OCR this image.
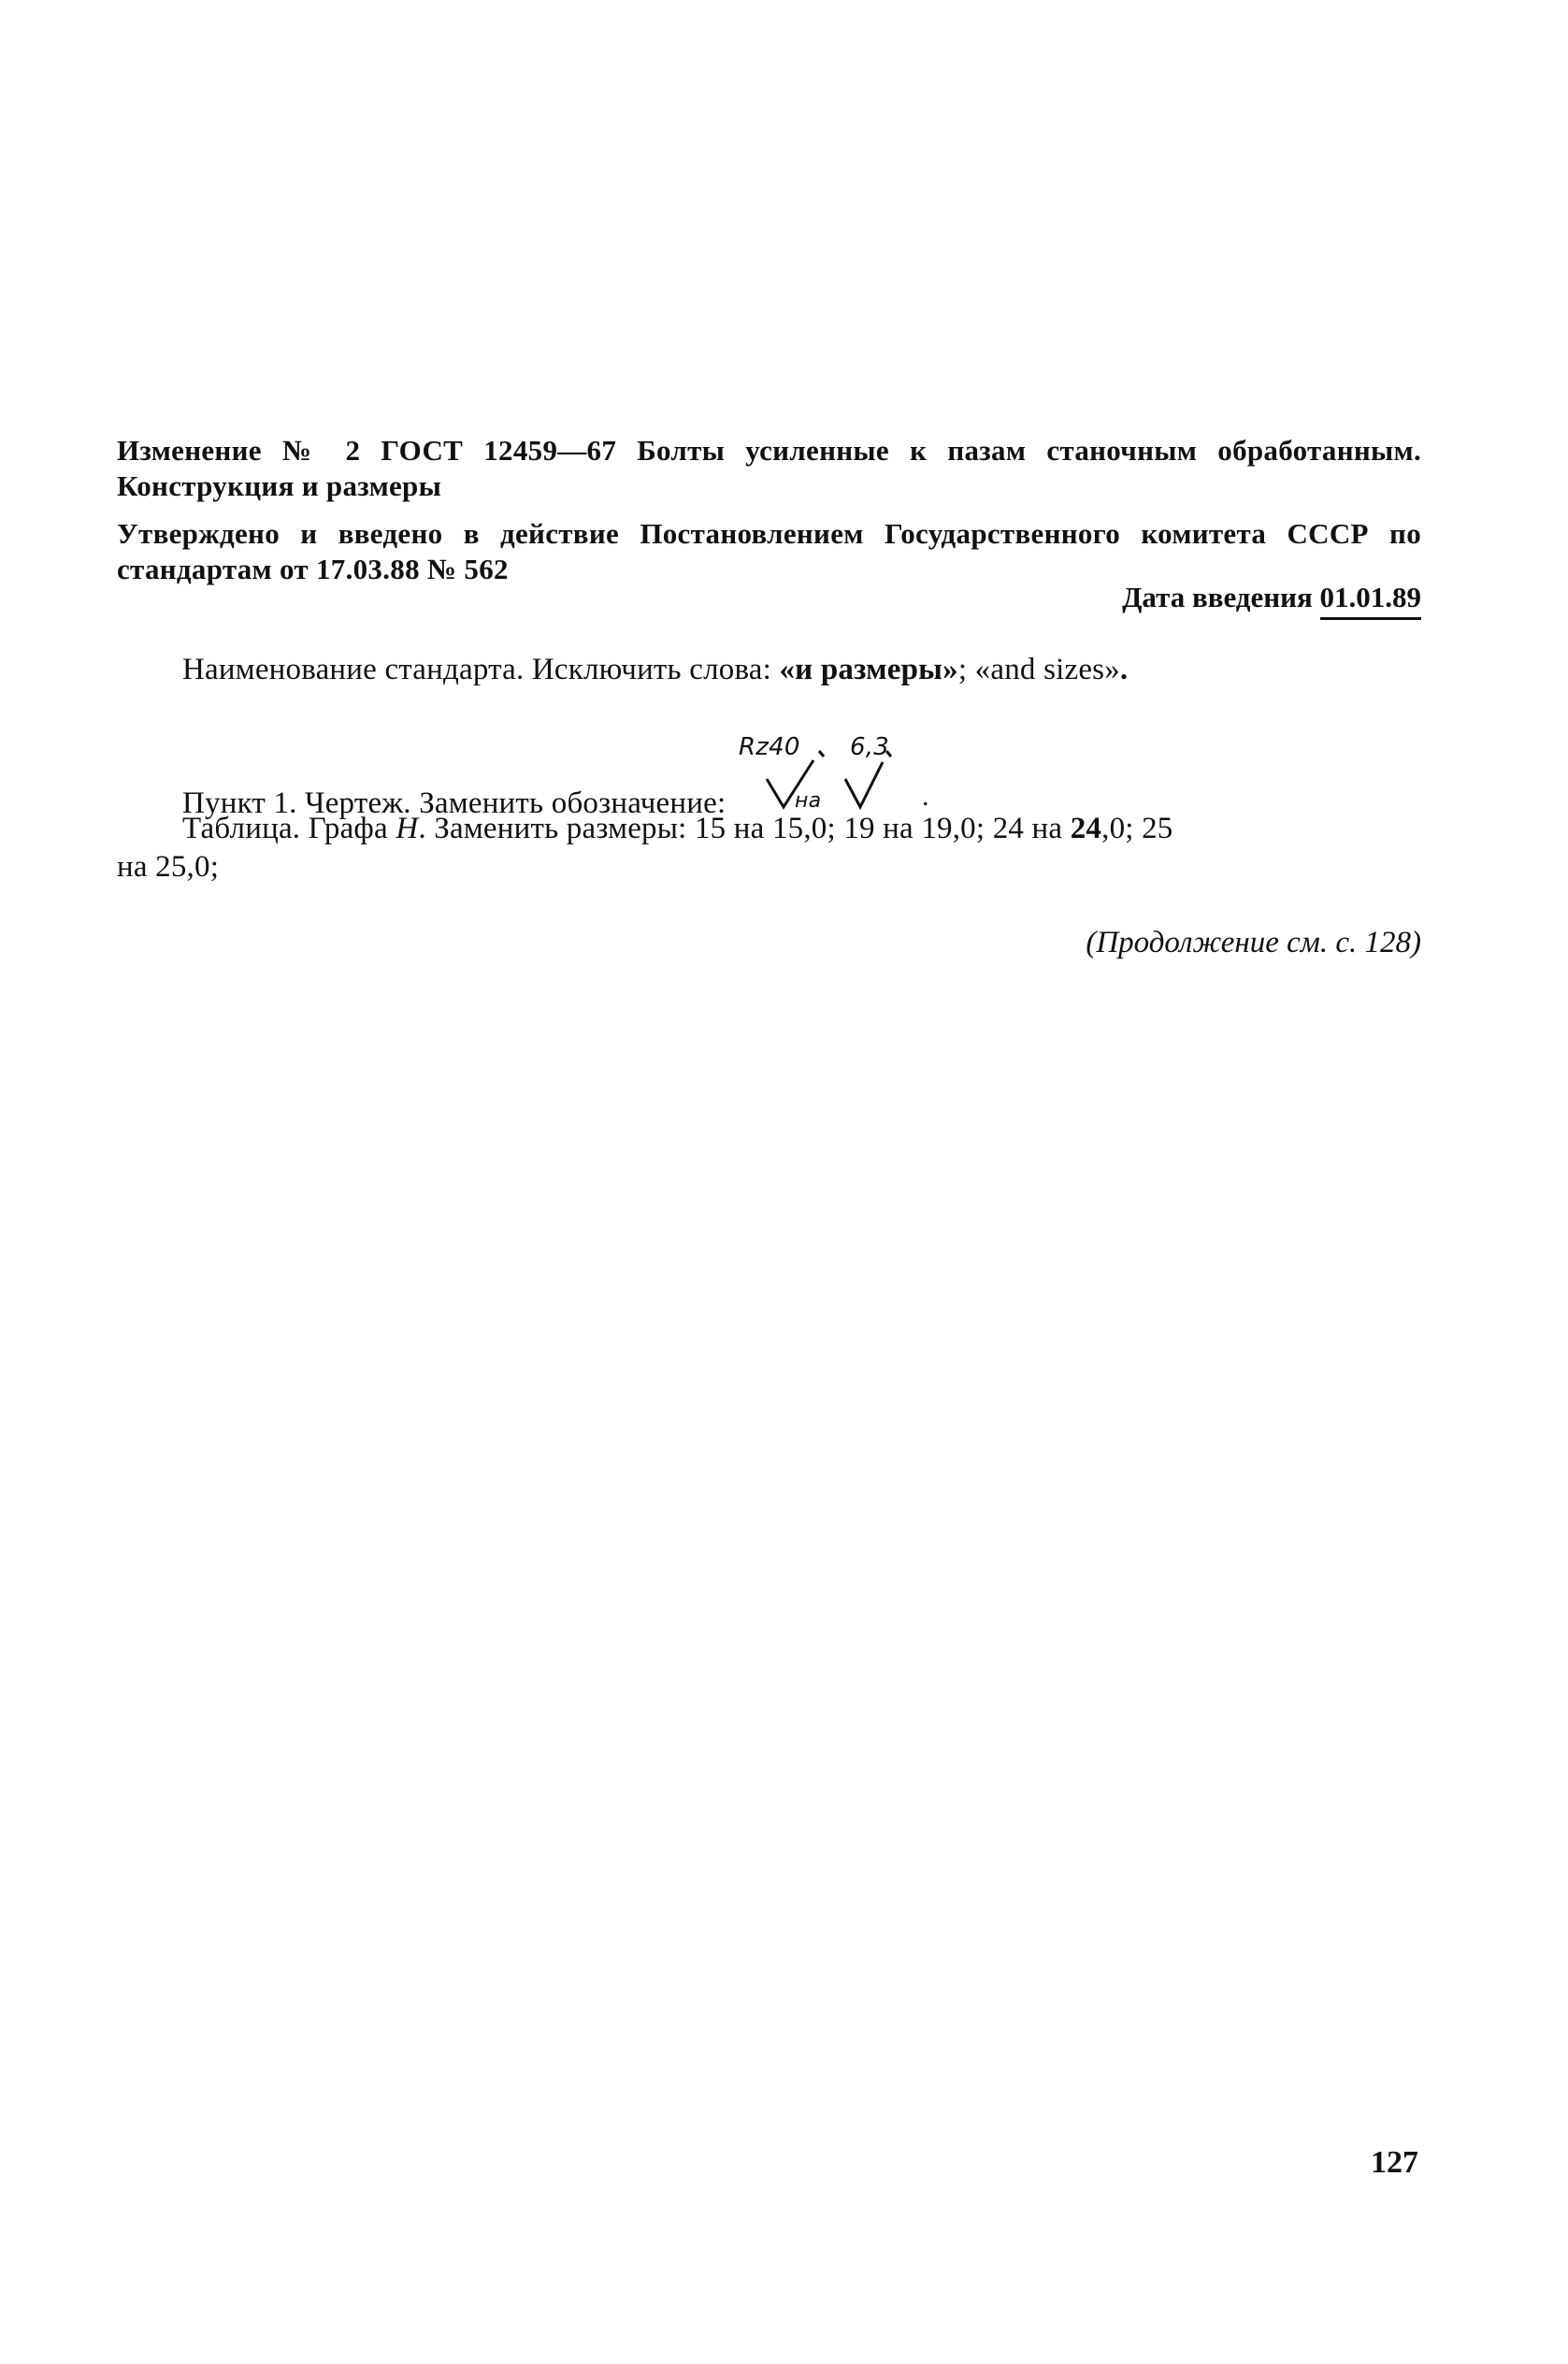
Изменение № 2 ГОСТ 12459—67 Болты усиленные к пазам станочным обработанным. Конструкция и размеры
Утверждено и введено в действие Постановлением Государственного комитета СССР по стандартам от 17.03.88 № 562
Дата введения 01.01.89
Наименование стандарта. Исключить слова: «и размеры»; «and sizes».
Пункт 1. Чертеж. Заменить обозначение:
Rz40
на
6,3
.
Таблица. Графа Н. Заменить размеры: 15 на 15,0; 19 на 19,0; 24 на 24,0; 25
на 25,0;
(Продолжение см. с. 128)
127
